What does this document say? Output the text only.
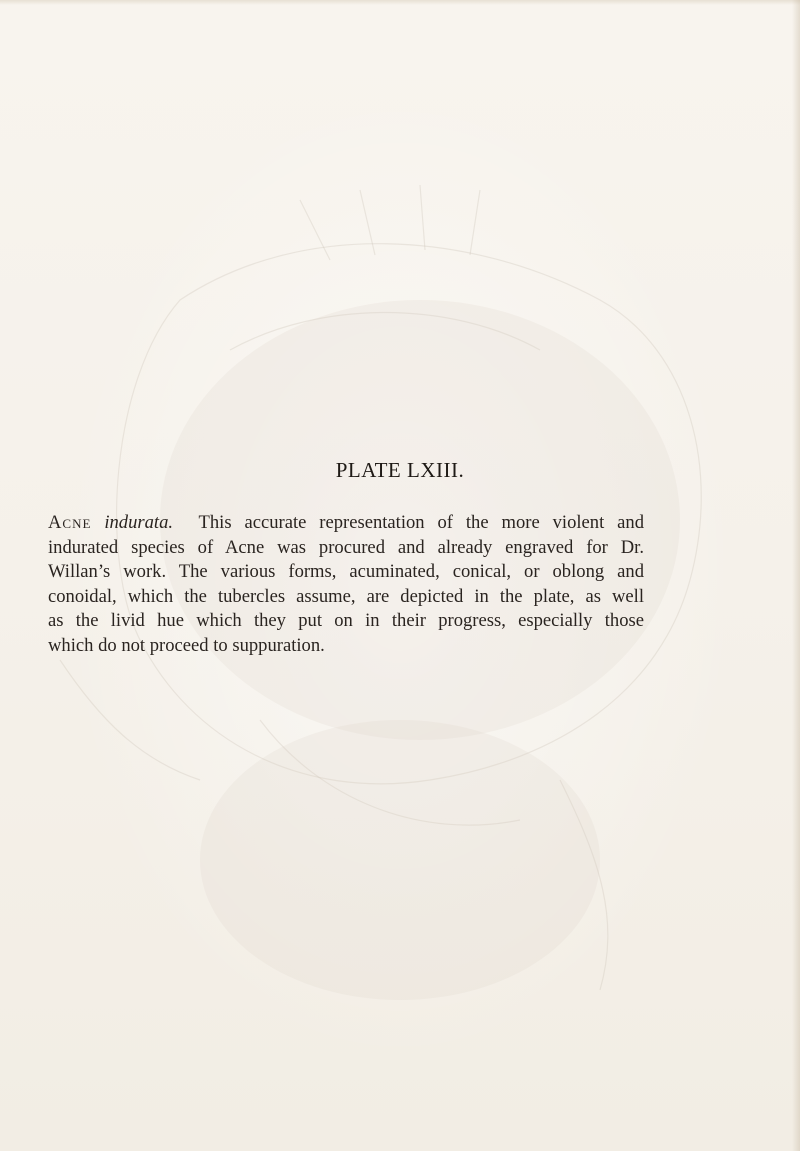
PLATE LXIII.
Acne indurata. This accurate representation of the more violent and
indurated species of Acne was procured and already engraved for Dr.
Willan’s work. The various forms, acuminated, conical, or oblong and
conoidal, which the tubercles assume, are depicted in the plate, as well
as the livid hue which they put on in their progress, especially those
which do not proceed to suppuration.
